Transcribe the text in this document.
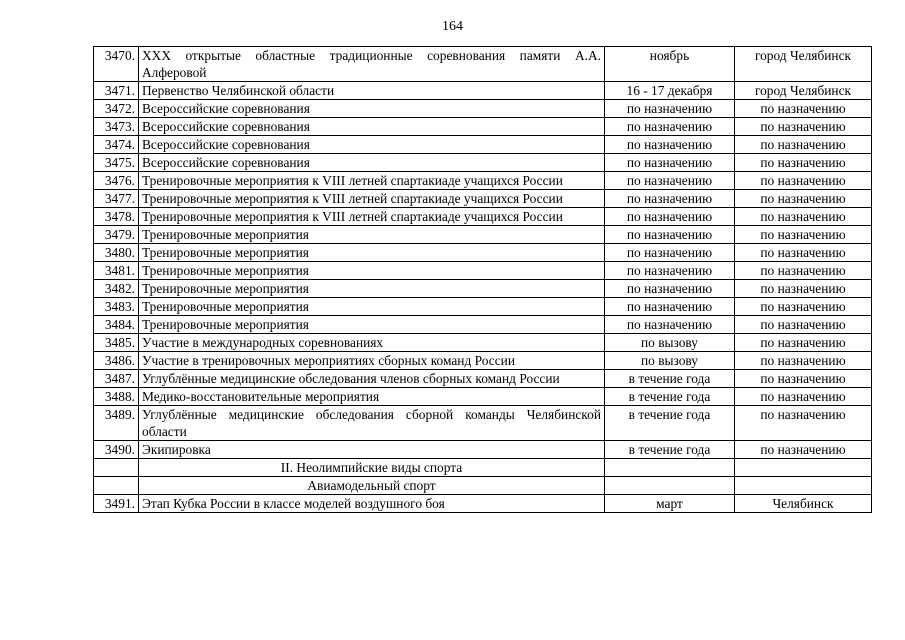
164
3470.	XXX открытые областные традиционные соревнования памяти А.А. Алферовой	ноябрь	город Челябинск
3471.	Первенство Челябинской области	16 - 17 декабря	город Челябинск
3472.	Всероссийские соревнования	по назначению	по назначению
3473.	Всероссийские соревнования	по назначению	по назначению
3474.	Всероссийские соревнования	по назначению	по назначению
3475.	Всероссийские соревнования	по назначению	по назначению
3476.	Тренировочные мероприятия к VIII летней спартакиаде учащихся России	по назначению	по назначению
3477.	Тренировочные мероприятия к VIII летней спартакиаде учащихся России	по назначению	по назначению
3478.	Тренировочные мероприятия к VIII летней спартакиаде учащихся России	по назначению	по назначению
3479.	Тренировочные мероприятия	по назначению	по назначению
3480.	Тренировочные мероприятия	по назначению	по назначению
3481.	Тренировочные мероприятия	по назначению	по назначению
3482.	Тренировочные мероприятия	по назначению	по назначению
3483.	Тренировочные мероприятия	по назначению	по назначению
3484.	Тренировочные мероприятия	по назначению	по назначению
3485.	Участие в международных соревнованиях	по вызову	по назначению
3486.	Участие в тренировочных мероприятиях сборных команд России	по вызову	по назначению
3487.	Углублённые медицинские обследования членов сборных команд России	в течение года	по назначению
3488.	Медико-восстановительные мероприятия	в течение года	по назначению
3489.	Углублённые медицинские обследования сборной команды Челябинской области	в течение года	по назначению
3490.	Экипировка	в течение года	по назначению
	II. Неолимпийские виды спорта		
	Авиамодельный спорт		
3491.	Этап Кубка России в классе моделей воздушного боя	март	Челябинск
